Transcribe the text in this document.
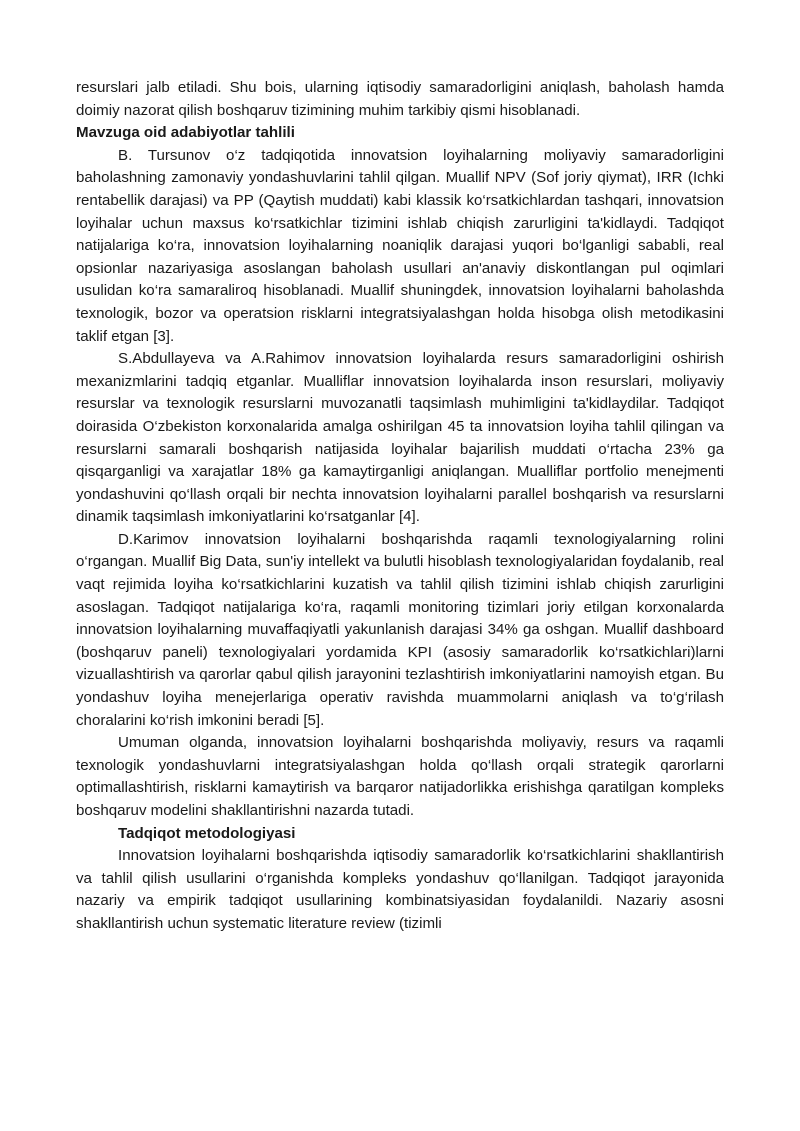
resurslari jalb etiladi. Shu bois, ularning iqtisodiy samaradorligini aniqlash, baholash hamda doimiy nazorat qilish boshqaruv tizimining muhim tarkibiy qismi hisoblanadi.

Mavzuga oid adabiyotlar tahlili

B. Tursunov o‘z tadqiqotida innovatsion loyihalarning moliyaviy samaradorligini baholashning zamonaviy yondashuvlarini tahlil qilgan. Muallif NPV (Sof joriy qiymat), IRR (Ichki rentabellik darajasi) va PP (Qaytish muddati) kabi klassik ko‘rsatkichlardan tashqari, innovatsion loyihalar uchun maxsus ko‘rsatkichlar tizimini ishlab chiqish zarurligini ta'kidlaydi. Tadqiqot natijalariga ko‘ra, innovatsion loyihalarning noaniqlik darajasi yuqori bo‘lganligi sababli, real opsionlar nazariyasiga asoslangan baholash usullari an'anaviy diskontlangan pul oqimlari usulidan ko‘ra samaraliroq hisoblanadi. Muallif shuningdek, innovatsion loyihalarni baholashda texnologik, bozor va operatsion risklarni integratsiyalashgan holda hisobga olish metodikasini taklif etgan [3].

S.Abdullayeva va A.Rahimov innovatsion loyihalarda resurs samaradorligini oshirish mexanizmlarini tadqiq etganlar. Mualliflar innovatsion loyihalarda inson resurslari, moliyaviy resurslar va texnologik resurslarni muvozanatli taqsimlash muhimligini ta'kidlaydilar. Tadqiqot doirasida O‘zbekiston korxonalarida amalga oshirilgan 45 ta innovatsion loyiha tahlil qilingan va resurslarni samarali boshqarish natijasida loyihalar bajarilish muddati o‘rtacha 23% ga qisqarganligi va xarajatlar 18% ga kamaytirganligi aniqlangan. Mualliflar portfolio menejmenti yondashuvini qo‘llash orqali bir nechta innovatsion loyihalarni parallel boshqarish va resurslarni dinamik taqsimlash imkoniyatlarini ko‘rsatganlar [4].

D.Karimov innovatsion loyihalarni boshqarishda raqamli texnologiyalarning rolini o‘rgangan. Muallif Big Data, sun'iy intellekt va bulutli hisoblash texnologiyalaridan foydalanib, real vaqt rejimida loyiha ko‘rsatkichlarini kuzatish va tahlil qilish tizimini ishlab chiqish zarurligini asoslagan. Tadqiqot natijalariga ko‘ra, raqamli monitoring tizimlari joriy etilgan korxonalarda innovatsion loyihalarning muvaffaqiyatli yakunlanish darajasi 34% ga oshgan. Muallif dashboard (boshqaruv paneli) texnologiyalari yordamida KPI (asosiy samaradorlik ko‘rsatkichlari)larni vizuallashtirish va qarorlar qabul qilish jarayonini tezlashtirish imkoniyatlarini namoyish etgan. Bu yondashuv loyiha menejerlariga operativ ravishda muammolarni aniqlash va to‘g‘rilash choralarini ko‘rish imkonini beradi [5].

Umuman olganda, innovatsion loyihalarni boshqarishda moliyaviy, resurs va raqamli texnologik yondashuvlarni integratsiyalashgan holda qo‘llash orqali strategik qarorlarni optimallashtirish, risklarni kamaytirish va barqaror natijadorlikka erishishga qaratilgan kompleks boshqaruv modelini shakllantirishni nazarda tutadi.

Tadqiqot metodologiyasi

Innovatsion loyihalarni boshqarishda iqtisodiy samaradorlik ko‘rsatkichlarini shakllantirish va tahlil qilish usullarini o‘rganishda kompleks yondashuv qo‘llanilgan. Tadqiqot jarayonida nazariy va empirik tadqiqot usullarining kombinatsiyasidan foydalanildi. Nazariy asosni shakllantirish uchun systematic literature review (tizimli
